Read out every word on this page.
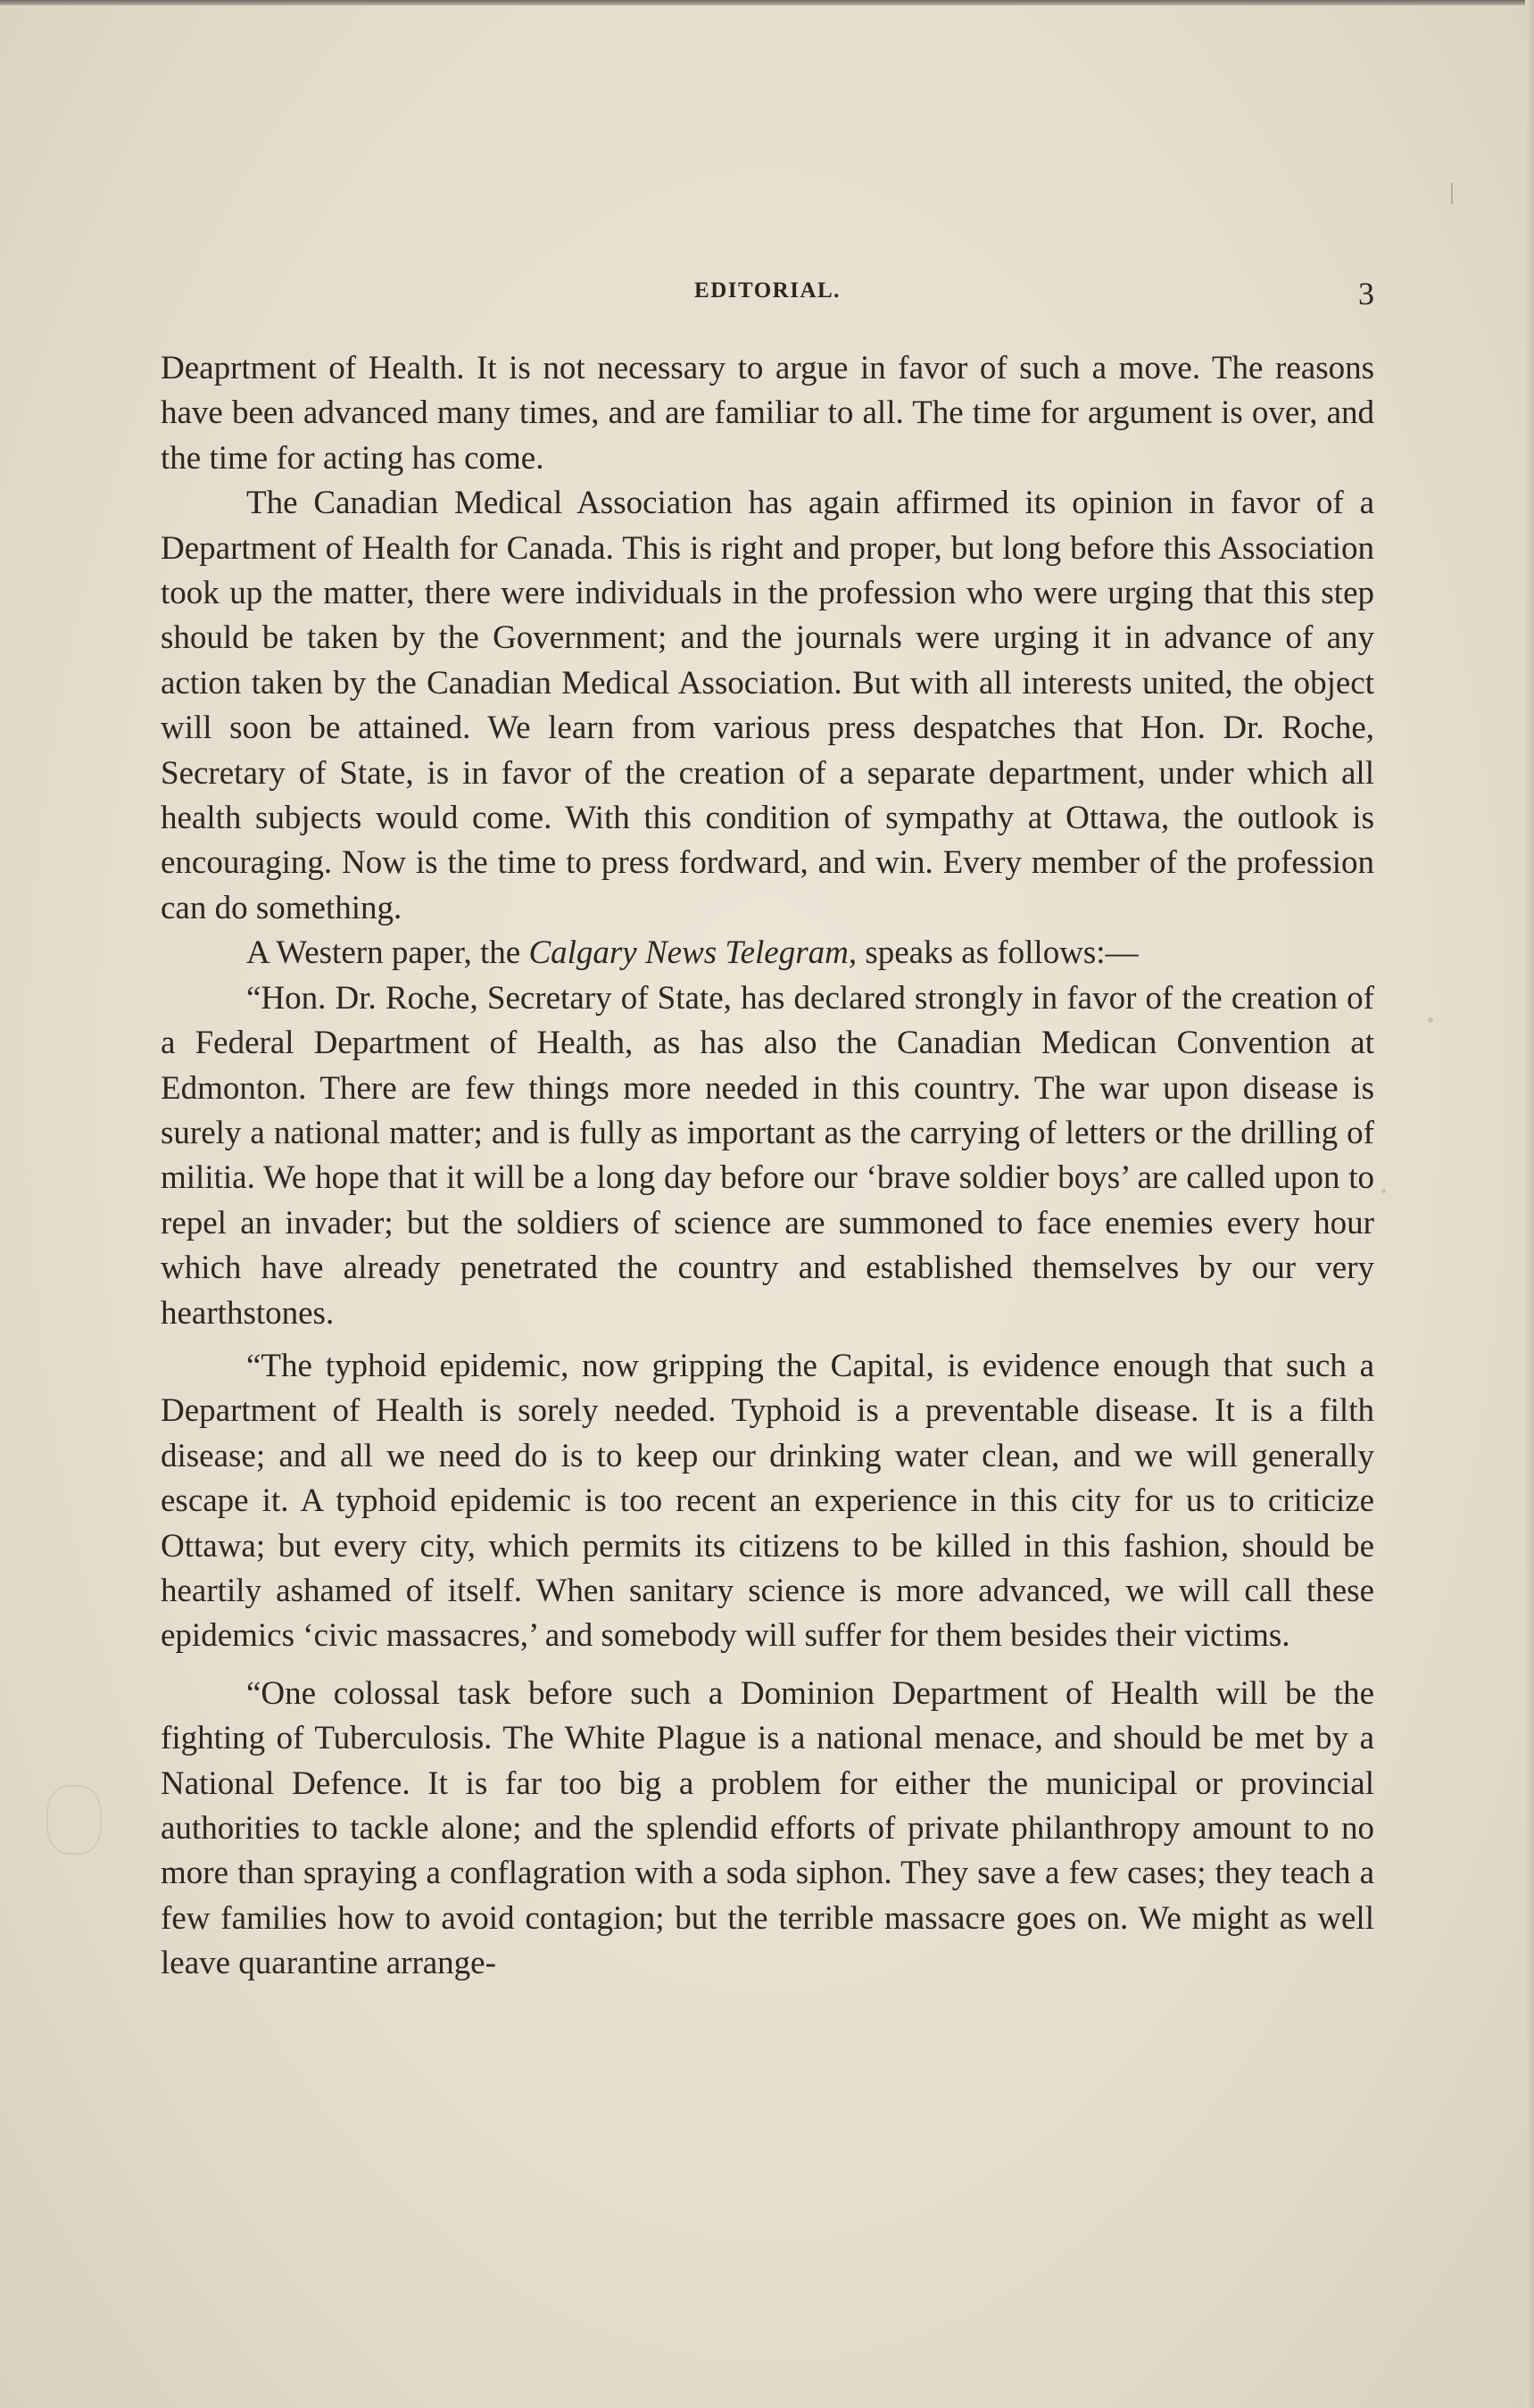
EDITORIAL.	3

Deaprtment of Health. It is not necessary to argue in favor of such a move. The reasons have been advanced many times, and are familiar to all. The time for argument is over, and the time for acting has come.

The Canadian Medical Association has again affirmed its opinion in favor of a Department of Health for Canada. This is right and proper, but long before this Association took up the matter, there were individuals in the profession who were urging that this step should be taken by the Government; and the journals were urging it in advance of any action taken by the Canadian Medical Association. But with all interests united, the object will soon be attained. We learn from various press despatches that Hon. Dr. Roche, Secretary of State, is in favor of the creation of a separate department, under which all health subjects would come. With this condition of sympathy at Ottawa, the outlook is encouraging. Now is the time to press fordward, and win. Every member of the profession can do something.

A Western paper, the Calgary News Telegram, speaks as follows:—

“Hon. Dr. Roche, Secretary of State, has declared strongly in favor of the creation of a Federal Department of Health, as has also the Canadian Medican Convention at Edmonton. There are few things more needed in this country. The war upon disease is surely a national matter; and is fully as important as the carrying of letters or the drilling of militia. We hope that it will be a long day before our ‘brave soldier boys’ are called upon to repel an invader; but the soldiers of science are summoned to face enemies every hour which have already penetrated the country and established themselves by our very hearthstones.

“The typhoid epidemic, now gripping the Capital, is evidence enough that such a Department of Health is sorely needed. Typhoid is a preventable disease. It is a filth disease; and all we need do is to keep our drinking water clean, and we will generally escape it. A typhoid epidemic is too recent an experience in this city for us to criticize Ottawa; but every city, which permits its citizens to be killed in this fashion, should be heartily ashamed of itself. When sanitary science is more advanced, we will call these epidemics ‘civic massacres,’ and somebody will suffer for them besides their victims.

“One colossal task before such a Dominion Department of Health will be the fighting of Tuberculosis. The White Plague is a national menace, and should be met by a National Defence. It is far too big a problem for either the municipal or provincial authorities to tackle alone; and the splendid efforts of private philanthropy amount to no more than spraying a conflagration with a soda siphon. They save a few cases; they teach a few families how to avoid contagion; but the terrible massacre goes on. We might as well leave quarantine arrange-
